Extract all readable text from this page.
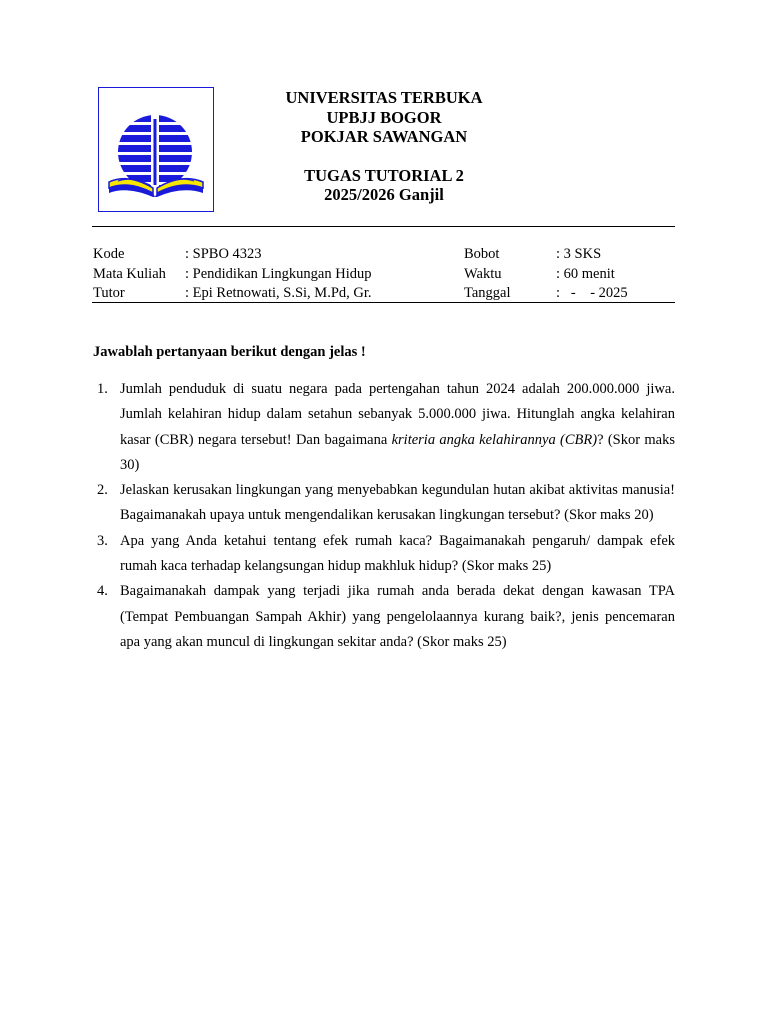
UNIVERSITAS TERBUKA
UPBJJ BOGOR
POKJAR SAWANGAN
TUGAS TUTORIAL 2
2025/2026 Ganjil
Kode	: SPBO 4323	Bobot	: 3 SKS
Mata Kuliah : Pendidikan Lingkungan Hidup	Waktu	: 60 menit
Tutor	: Epi Retnowati, S.Si, M.Pd, Gr.	Tanggal	:   -    - 2025
Jawablah pertanyaan berikut dengan jelas !
1. Jumlah penduduk di suatu negara pada pertengahan tahun 2024 adalah 200.000.000 jiwa. Jumlah kelahiran hidup dalam setahun sebanyak 5.000.000 jiwa. Hitunglah angka kelahiran kasar (CBR) negara tersebut! Dan bagaimana kriteria angka kelahirannya (CBR)? (Skor maks 30)
2. Jelaskan kerusakan lingkungan yang menyebabkan kegundulan hutan akibat aktivitas manusia! Bagaimanakah upaya untuk mengendalikan kerusakan lingkungan tersebut? (Skor maks 20)
3. Apa yang Anda ketahui tentang efek rumah kaca? Bagaimanakah pengaruh/ dampak efek rumah kaca terhadap kelangsungan hidup makhluk hidup? (Skor maks 25)
4. Bagaimanakah dampak yang terjadi jika rumah anda berada dekat dengan kawasan TPA (Tempat Pembuangan Sampah Akhir) yang pengelolaannya kurang baik?, jenis pencemaran apa yang akan muncul di lingkungan sekitar anda? (Skor maks 25)
